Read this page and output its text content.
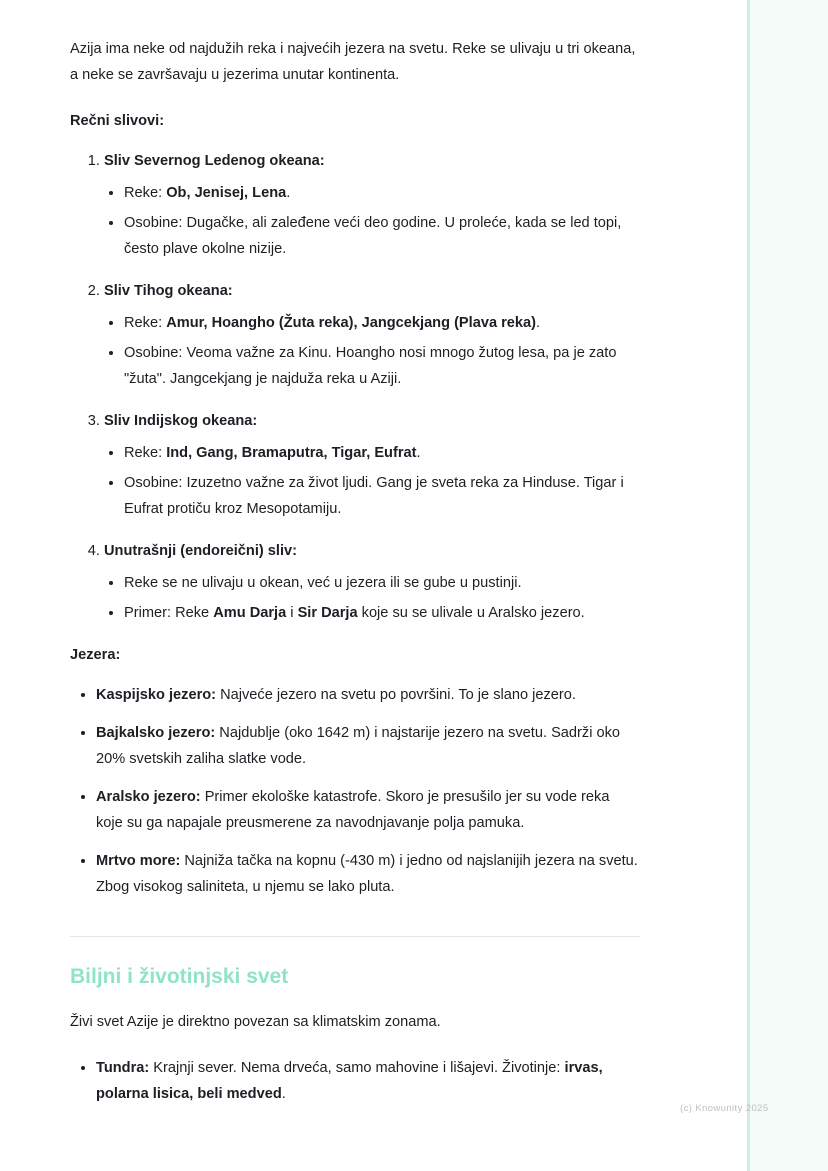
Azija ima neke od najdužih reka i najvećih jezera na svetu. Reke se ulivaju u tri okeana, a neke se završavaju u jezerima unutar kontinenta.

Rečni slivovi:
1. Sliv Severnog Ledenog okeana:
• Reke: Ob, Jenisej, Lena.
• Osobine: Dugačke, ali zaleđene veći deo godine. U proleće, kada se led topi, često plave okolne nizije.
2. Sliv Tihog okeana:
• Reke: Amur, Hoangho (Žuta reka), Jangcekjang (Plava reka).
• Osobine: Veoma važne za Kinu. Hoangho nosi mnogo žutog lesa, pa je zato "žuta". Jangcekjang je najduža reka u Aziji.
3. Sliv Indijskog okeana:
• Reke: Ind, Gang, Bramaputra, Tigar, Eufrat.
• Osobine: Izuzetno važne za život ljudi. Gang je sveta reka za Hinduse. Tigar i Eufrat protiču kroz Mesopotamiju.
4. Unutrašnji (endoreični) sliv:
• Reke se ne ulivaju u okean, već u jezera ili se gube u pustinji.
• Primer: Reke Amu Darja i Sir Darja koje su se ulivale u Aralsko jezero.
Jezera:
• Kaspijsko jezero: Najveće jezero na svetu po površini. To je slano jezero.
• Bajkalsko jezero: Najdublje (oko 1642 m) i najstarije jezero na svetu. Sadrži oko 20% svetskih zaliha slatke vode.
• Aralsko jezero: Primer ekološke katastrofe. Skoro je presušilo jer su vode reka koje su ga napajale preusmerene za navodnjavanje polja pamuka.
• Mrtvo more: Najniža tačka na kopnu (-430 m) i jedno od najslanijih jezera na svetu. Zbog visokog saliniteta, u njemu se lako pluta.
Biljni i životinjski svet

Živi svet Azije je direktno povezan sa klimatskim zonama.

• Tundra: Krajnji sever. Nema drveća, samo mahovine i lišajevi. Životinje: irvas, polarna lisica, beli medved.
(c) Knowunity 2025
